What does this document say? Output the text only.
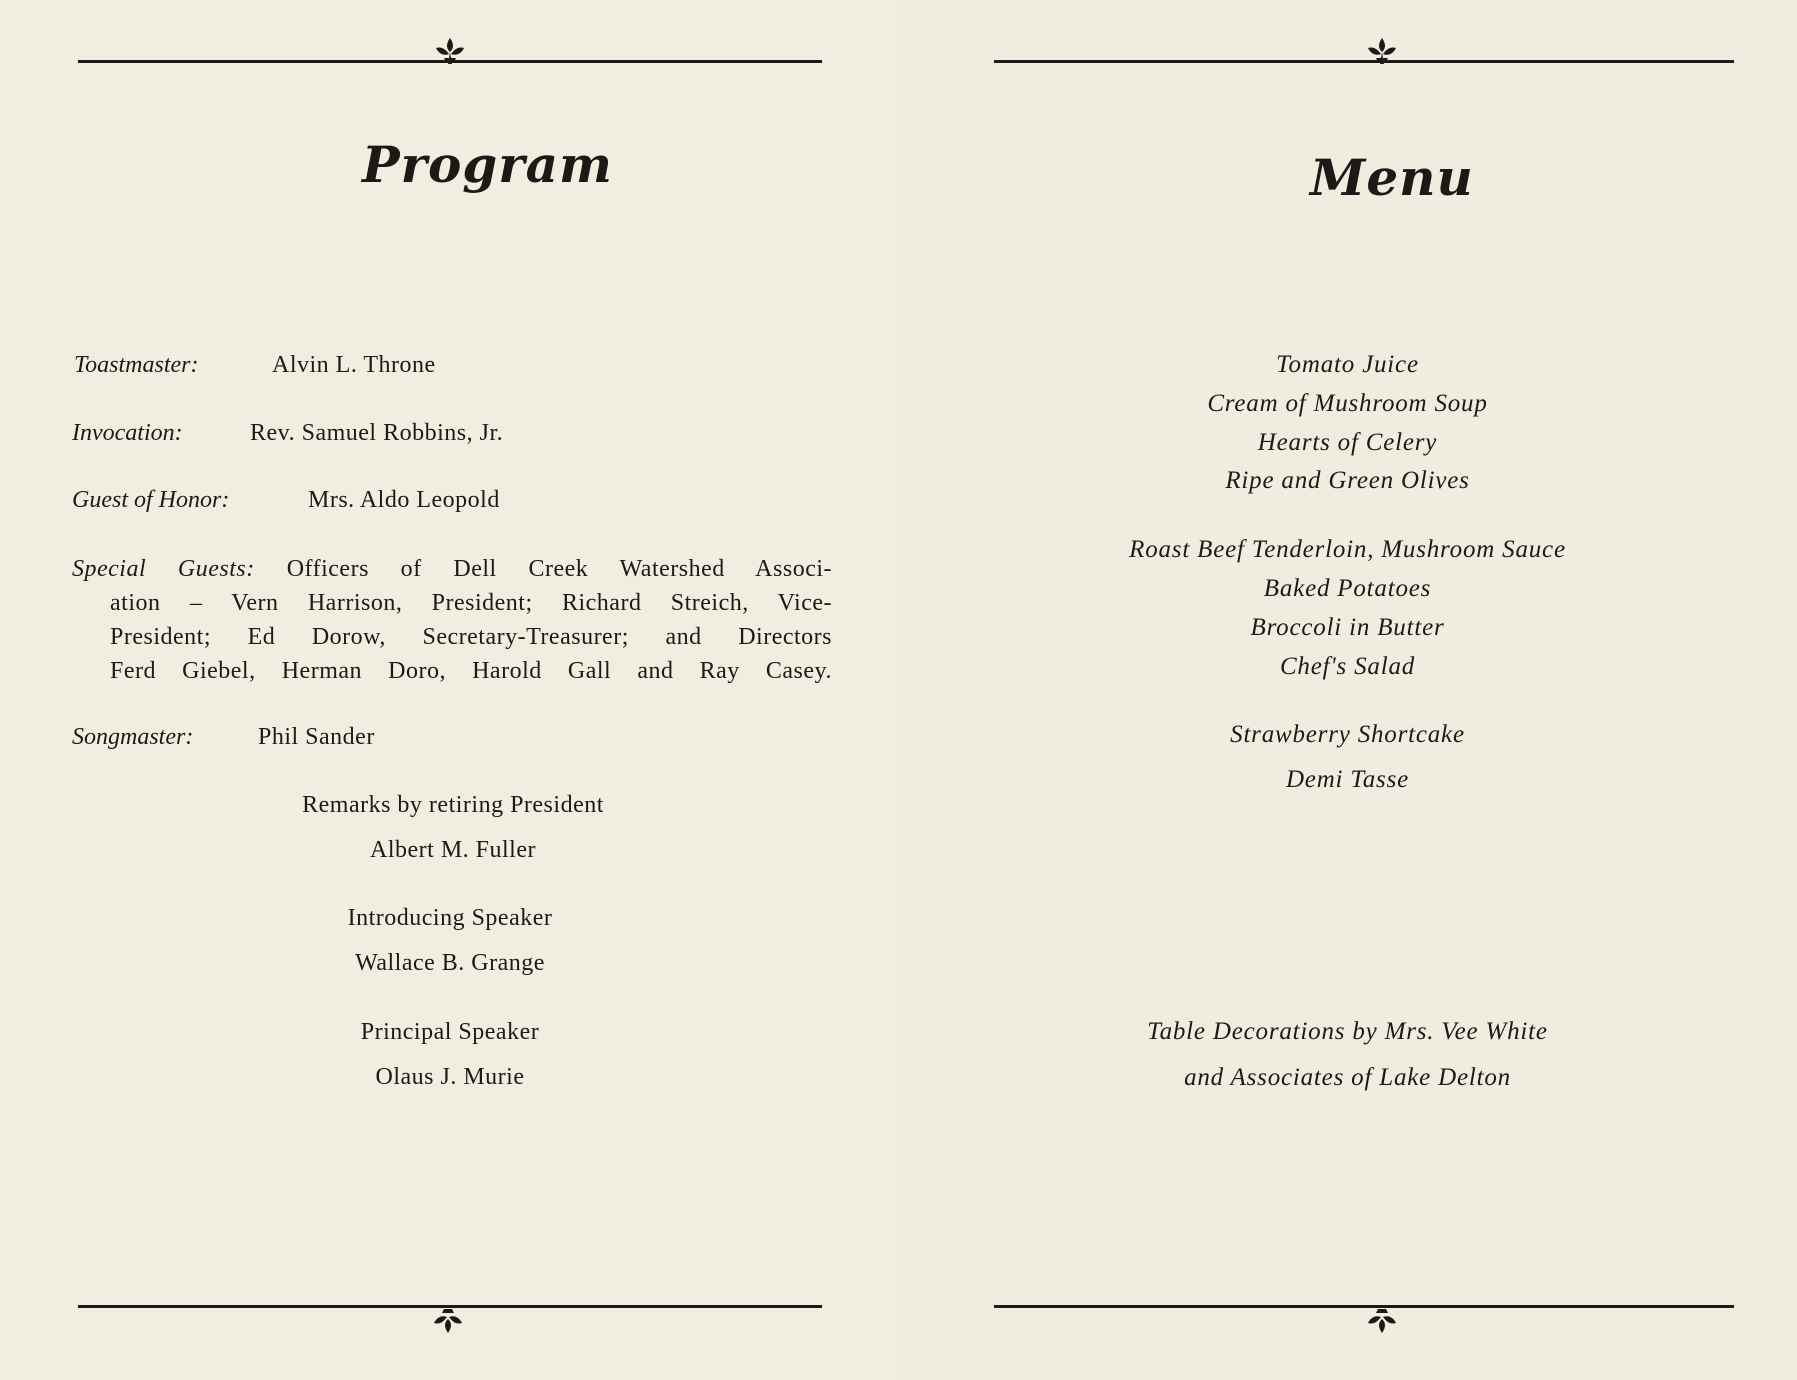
Program
Toastmaster:	Alvin L. Throne
Invocation:	Rev. Samuel Robbins, Jr.
Guest of Honor:	Mrs. Aldo Leopold
Special Guests: Officers of Dell Creek Watershed Associ-
ation – Vern Harrison, President; Richard Streich, Vice-
President; Ed Dorow, Secretary-Treasurer; and Directors
Ferd Giebel, Herman Doro, Harold Gall and Ray Casey.
Songmaster:	Phil Sander
Remarks by retiring President
Albert M. Fuller
Introducing Speaker
Wallace B. Grange
Principal Speaker
Olaus J. Murie
Menu
Tomato Juice
Cream of Mushroom Soup
Hearts of Celery
Ripe and Green Olives
Roast Beef Tenderloin, Mushroom Sauce
Baked Potatoes
Broccoli in Butter
Chef's Salad
Strawberry Shortcake
Demi Tasse
Table Decorations by Mrs. Vee White
and Associates of Lake Delton
